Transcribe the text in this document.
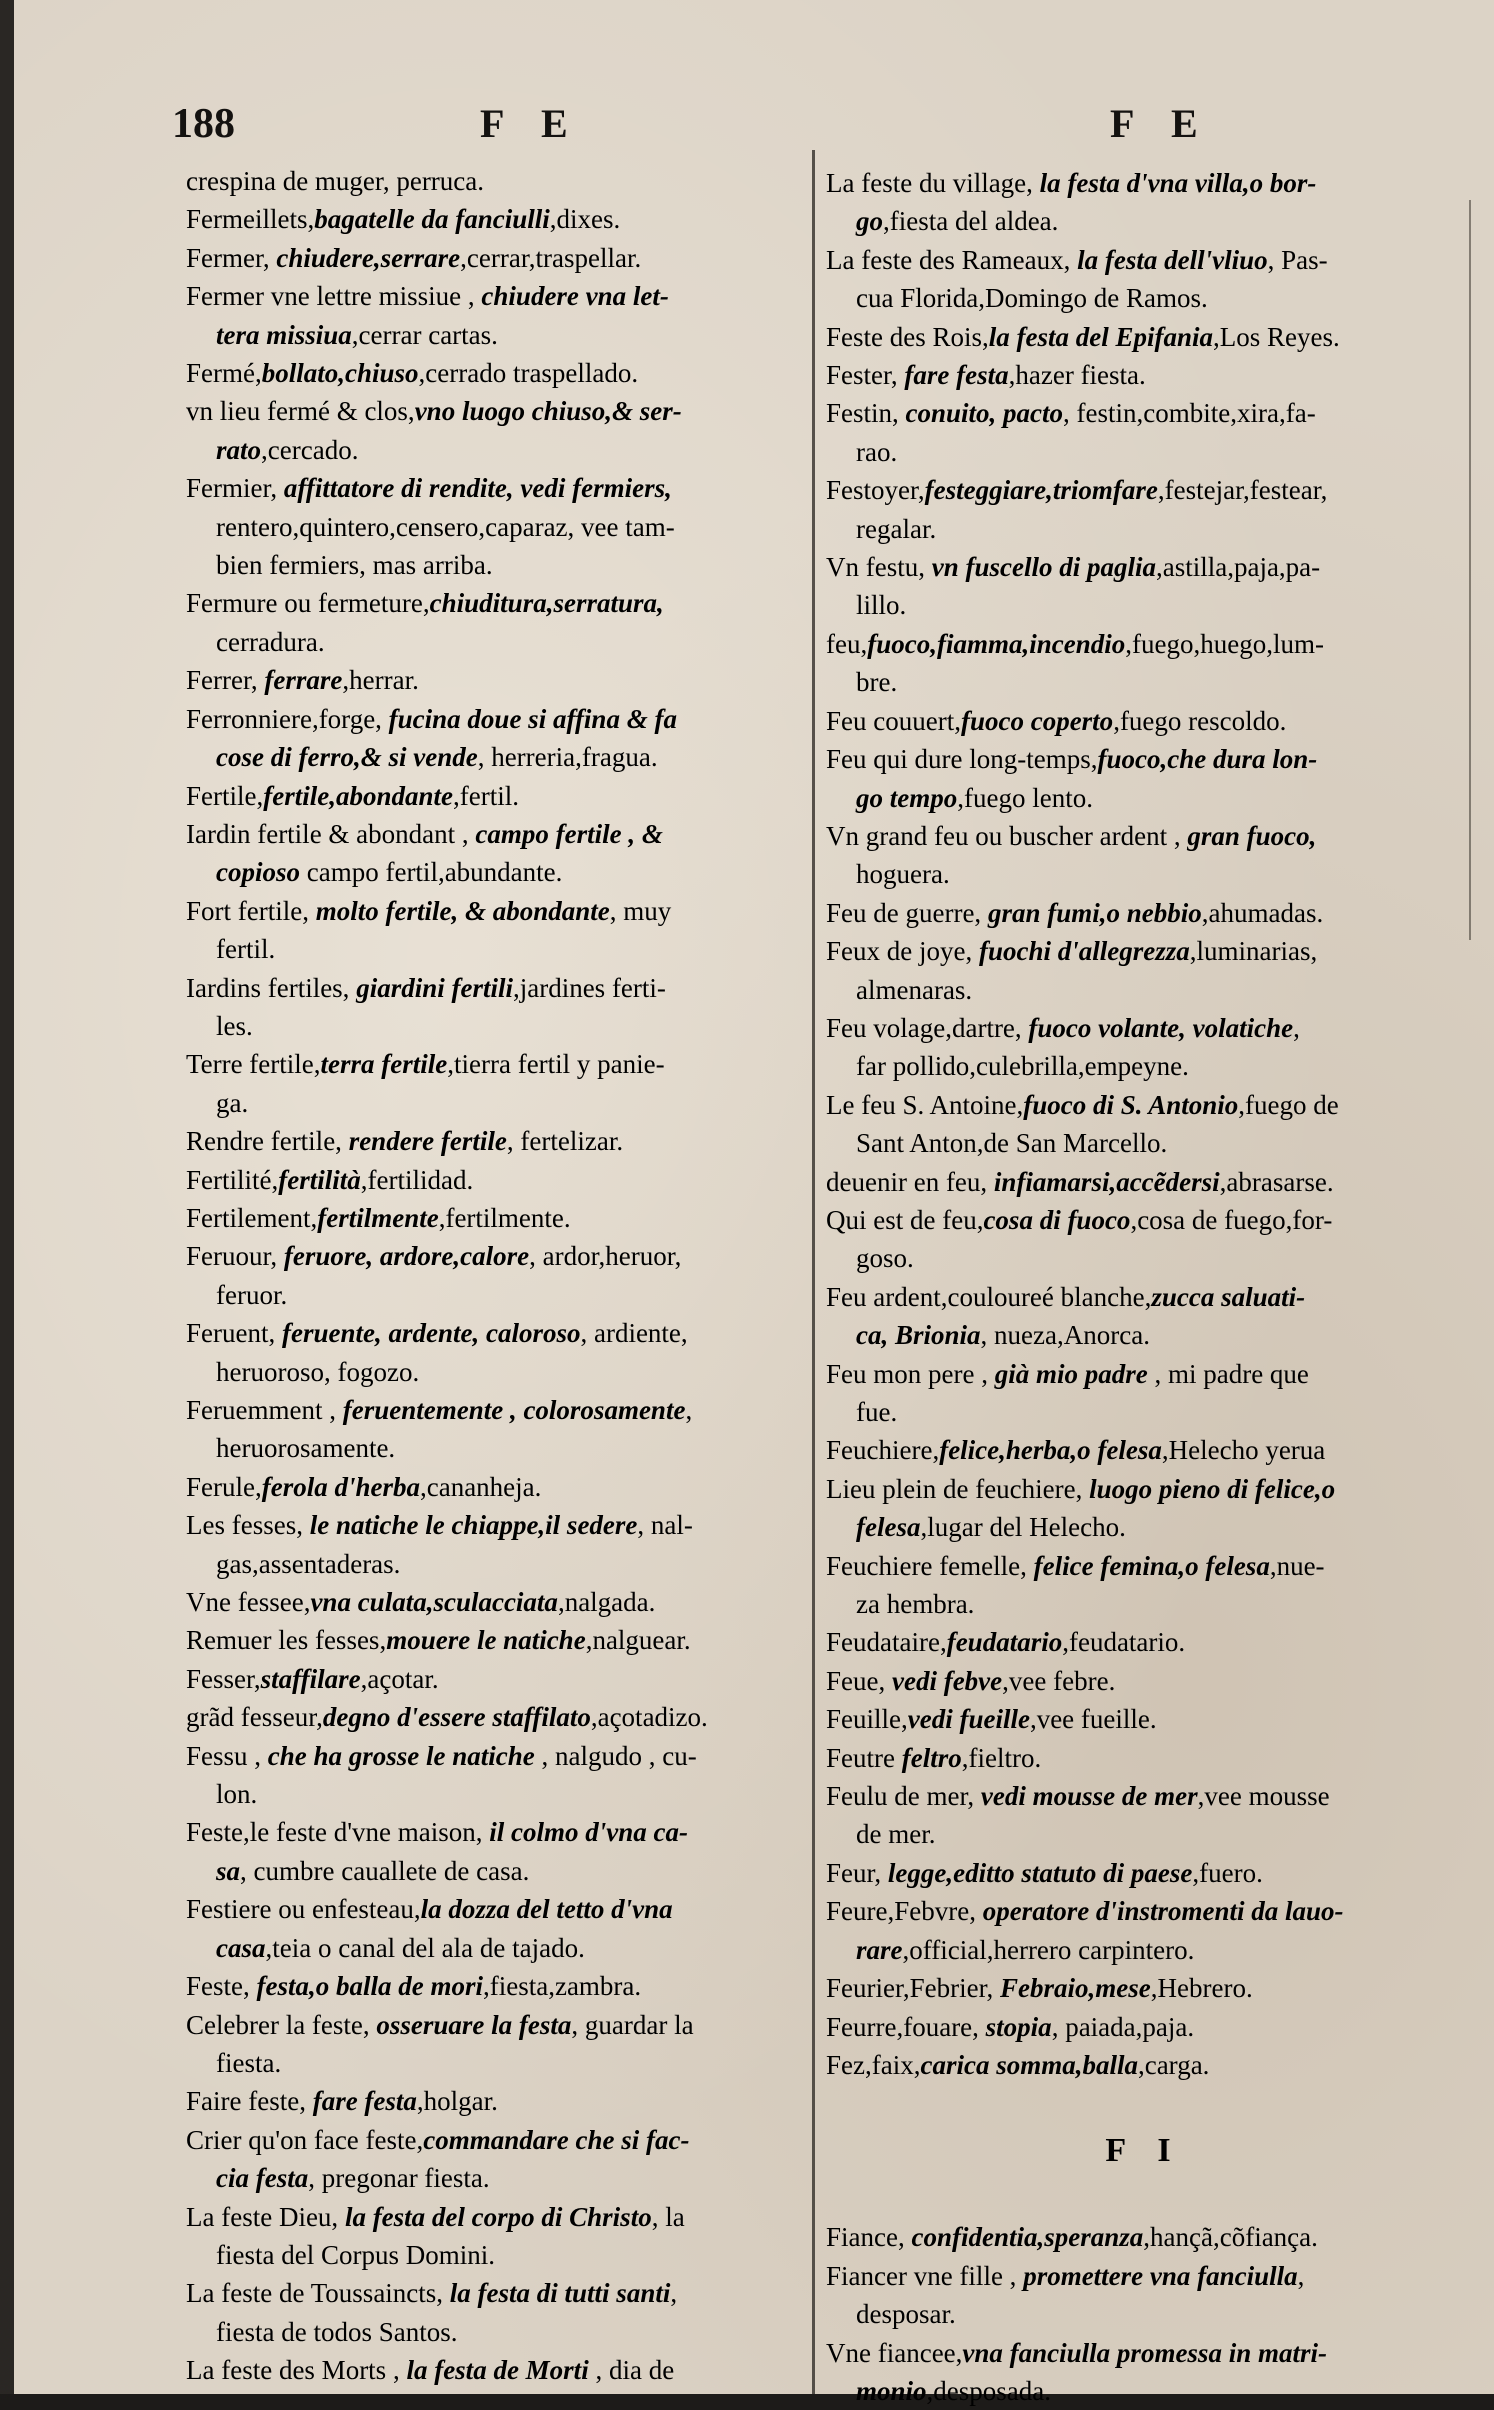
188	F E	F E
crespina de muger, perruca.
Fermeillets,bagatelle da fanciulli,dixes.
Fermer, chiudere,serrare,cerrar,traspellar.
Fermer vne lettre missiue , chiudere vna let-
tera missiua,cerrar cartas.
Fermé,bollato,chiuso,cerrado traspellado.
vn lieu fermé & clos,vno luogo chiuso,& ser-
rato,cercado.
Fermier, affittatore di rendite, vedi fermiers,
rentero,quintero,censero,caparaz, vee tam-
bien fermiers, mas arriba.
Fermure ou fermeture,chiuditura,serratura,
cerradura.
Ferrer, ferrare,herrar.
Ferronniere,forge, fucina doue si affina & fa
cose di ferro,& si vende, herreria,fragua.
Fertile,fertile,abondante,fertil.
Iardin fertile & abondant , campo fertile , &
copioso campo fertil,abundante.
Fort fertile, molto fertile, & abondante, muy
fertil.
Iardins fertiles, giardini fertili,jardines ferti-
les.
Terre fertile,terra fertile,tierra fertil y panie-
ga.
Rendre fertile, rendere fertile, fertelizar.
Fertilité,fertilità,fertilidad.
Fertilement,fertilmente,fertilmente.
Feruour, feruore, ardore,calore, ardor,heruor,
feruor.
Feruent, feruente, ardente, caloroso, ardiente,
heruoroso, fogozo.
Feruemment , feruentemente , colorosamente,
heruorosamente.
Ferule,ferola d'herba,cananheja.
Les fesses, le natiche le chiappe,il sedere, nal-
gas,assentaderas.
Vne fessee,vna culata,sculacciata,nalgada.
Remuer les fesses,mouere le natiche,nalguear.
Fesser,staffilare,açotar.
grãd fesseur,degno d'essere staffilato,açotadizo.
Fessu , che ha grosse le natiche , nalgudo , cu-
lon.
Feste,le feste d'vne maison, il colmo d'vna ca-
sa, cumbre cauallete de casa.
Festiere ou enfesteau,la dozza del tetto d'vna
casa,teia o canal del ala de tajado.
Feste, festa,o balla de mori,fiesta,zambra.
Celebrer la feste, osseruare la festa, guardar la
fiesta.
Faire feste, fare festa,holgar.
Crier qu'on face feste,commandare che si fac-
cia festa, pregonar fiesta.
La feste Dieu, la festa del corpo di Christo, la
fiesta del Corpus Domini.
La feste de Toussaincts, la festa di tutti santi,
fiesta de todos Santos.
La feste des Morts , la festa de Morti , dia de
La feste du village, la festa d'vna villa,o bor-
go,fiesta del aldea.
La feste des Rameaux, la festa dell'vliuo, Pas-
cua Florida,Domingo de Ramos.
Feste des Rois,la festa del Epifania,Los Reyes.
Fester, fare festa,hazer fiesta.
Festin, conuito, pacto, festin,combite,xira,fa-
rao.
Festoyer,festeggiare,triomfare,festejar,festear,
regalar.
Vn festu, vn fuscello di paglia,astilla,paja,pa-
lillo.
feu,fuoco,fiamma,incendio,fuego,huego,lum-
bre.
Feu couuert,fuoco coperto,fuego rescoldo.
Feu qui dure long-temps,fuoco,che dura lon-
go tempo,fuego lento.
Vn grand feu ou buscher ardent , gran fuoco,
hoguera.
Feu de guerre, gran fumi,o nebbio,ahumadas.
Feux de joye, fuochi d'allegrezza,luminarias,
almenaras.
Feu volage,dartre, fuoco volante, volatiche,
far pollido,culebrilla,empeyne.
Le feu S. Antoine,fuoco di S. Antonio,fuego de
Sant Anton,de San Marcello.
deuenir en feu, infiamarsi,accẽdersi,abrasarse.
Qui est de feu,cosa di fuoco,cosa de fuego,for-
goso.
Feu ardent,couloureé blanche,zucca saluati-
ca, Brionia, nueza,Anorca.
Feu mon pere , già mio padre , mi padre que
fue.
Feuchiere,felice,herba,o felesa,Helecho yerua
Lieu plein de feuchiere, luogo pieno di felice,o
felesa,lugar del Helecho.
Feuchiere femelle, felice femina,o felesa,nue-
za hembra.
Feudataire,feudatario,feudatario.
Feue, vedi febve,vee febre.
Feuille,vedi fueille,vee fueille.
Feutre feltro,fieltro.
Feulu de mer, vedi mousse de mer,vee mousse
de mer.
Feur, legge,editto statuto di paese,fuero.
Feure,Febvre, operatore d'instromenti da lauo-
rare,official,herrero carpintero.
Feurier,Febrier, Febraio,mese,Hebrero.
Feurre,fouare, stopia, paiada,paja.
Fez,faix,carica somma,balla,carga.
F I
Fiance, confidentia,speranza,hançã,cõfiança.
Fiancer vne fille , promettere vna fanciulla,
desposar.
Vne fiancee,vna fanciulla promessa in matri-
monio,desposada.
